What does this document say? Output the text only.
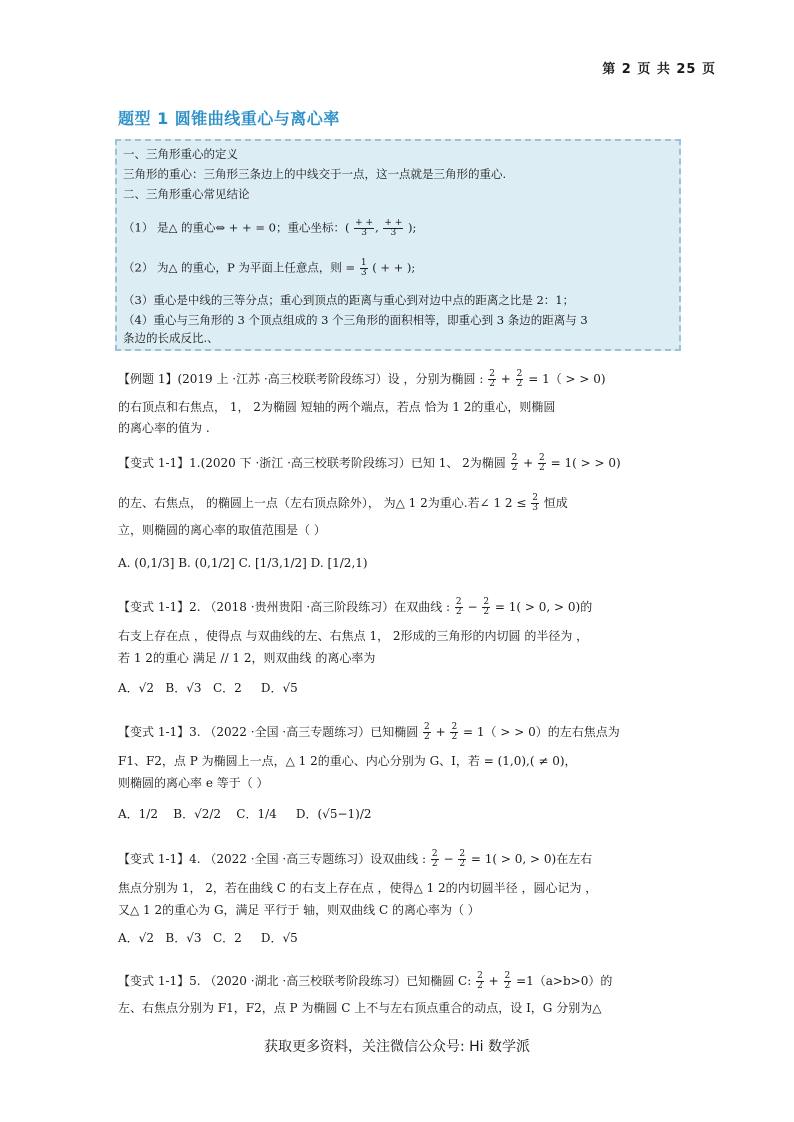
第 2 页 共 25 页
题型 1 圆锥曲线重心与离心率
一、三角形重心的定义
三角形的重心：三角形三条边上的中线交于一点，这一点就是三角形的重心.
二、三角形重心常见结论
（1） 是△ 的重心⇔ + + = 0；重心坐标：( $\frac{+ +}{3}$ , $\frac{+ +}{3}$ );
（2） 为△ 的重心，P 为平面上任意点，则 = $\frac{1}{3}$ ( + + );
（3）重心是中线的三等分点；重心到顶点的距离与重心到对边中点的距离之比是 2：1；
（4）重心与三角形的 3 个顶点组成的 3 个三角形的面积相等，即重心到 3 条边的距离与 3
条边的长成反比.、
【例题 1】(2019 上 ·江苏 ·高三校联考阶段练习）设 ，分别为椭圆 : $\frac{2}{2} + \frac{2}{2} = 1$（ > > 0)
的右顶点和右焦点， 1， 2为椭圆 短轴的两个端点，若点 恰为 1 2的重心，则椭圆
的离心率的值为 .
【变式 1-1】1.(2020 下 ·浙江 ·高三校联考阶段练习）已知 1、 2为椭圆 $\frac{2}{2} + \frac{2}{2} = 1$( > > 0)
的左、右焦点， 的椭圆上一点（左右顶点除外）， 为△ 1 2为重心.若∠ 1 $2 \le \frac{2}{3}$ 恒成
立，则椭圆的离心率的取值范围是（ ）
A. (0,1/3] B. (0,1/2] C. [1/3,1/2] D. [1/2,1)
【变式 1-1】2. （2018 ·贵州贵阳 ·高三阶段练习）在双曲线 : $\frac{2}{2} - \frac{2}{2} = 1( > 0$, > 0)的
右支上存在点 ，使得点 与双曲线的左、右焦点 1， 2形成的三角形的内切圆 的半径为 ，
若 1 2的重心 满足 // 1 2，则双曲线 的离心率为
A．√2 B．√3 C．2 D．√5
【变式 1-1】3. （2022 ·全国 ·高三专题练习）已知椭圆 $\frac{2}{2} + \frac{2}{2} = 1$（ > > 0）的左右焦点为
F1、F2，点 P 为椭圆上一点，△ 1 2的重心、内心分别为 G、I，若 = (1,0),( ≠ 0)，
则椭圆的离心率 e 等于（ ）
A．1/2 B．√2/2 C．1/4 D．(√5−1)/2
【变式 1-1】4. （2022 ·全国 ·高三专题练习）设双曲线 : $\frac{2}{2} - \frac{2}{2} = 1( > 0$, > 0)在左右
焦点分别为 1， 2，若在曲线 C 的右支上存在点 ，使得△ 1 2的内切圆半径 ，圆心记为 ，
又△ 1 2的重心为 G，满足 平行于 轴，则双曲线 C 的离心率为（ ）
A．√2 B．√3 C．2 D．√5
【变式 1-1】5. （2020 ·湖北 ·高三校联考阶段练习）已知椭圆 C: $\frac{2}{2} + \frac{2}{2} =1(a>b>0)$的
左、右焦点分别为 F1，F2，点 P 为椭圆 C 上不与左右顶点重合的动点，设 I，G 分别为△
获取更多资料，关注微信公众号: Hi 数学派
